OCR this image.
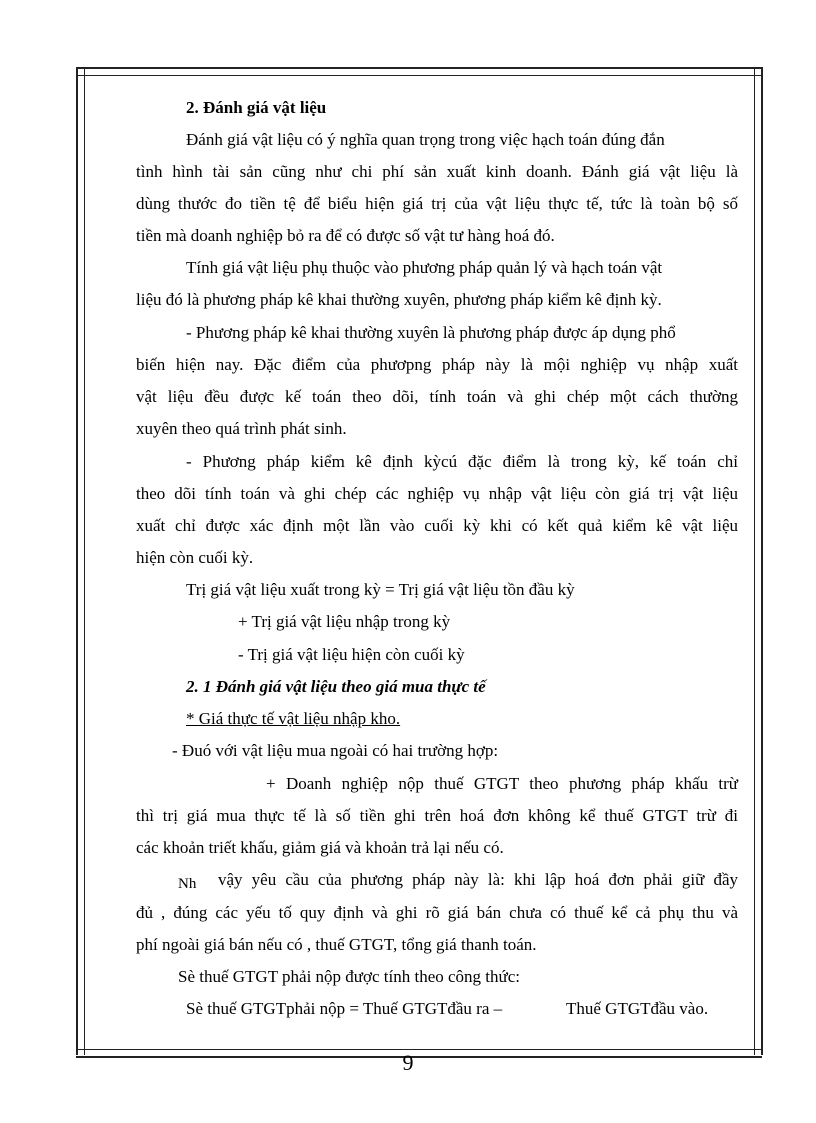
2. Đánh giá vật liệu
Đánh giá vật liệu có ý nghĩa quan trọng trong việc hạch toán đúng đắn
tình hình tài sản cũng như chi phí sản xuất kinh doanh. Đánh giá vật liệu là
dùng thước đo tiền tệ để biểu hiện giá trị của vật liệu thực tế, tức là toàn bộ số
tiền mà doanh nghiệp bỏ ra để có được số vật tư hàng hoá đó.
Tính giá vật liệu phụ thuộc vào phương pháp quản lý và hạch toán vật
liệu đó là phương pháp kê khai thường xuyên, phương pháp kiểm kê định kỳ.
- Phương pháp kê khai thường xuyên là phương pháp được áp dụng phổ
biến hiện nay. Đặc điểm của phươpng pháp này là mội nghiệp vụ nhập xuất
vật liệu đều được kế toán theo dõi, tính toán và ghi chép một cách thường
xuyên theo quá trình phát sinh.
- Phương pháp kiểm kê định kỳcú đặc điểm là trong kỳ, kế toán chỉ
theo dõi tính toán và ghi chép các nghiệp vụ nhập vật liệu còn giá trị vật liệu
xuất chỉ được xác định một lần vào cuối kỳ khi có kết quả kiểm kê vật liệu
hiện còn cuối kỳ.
Trị giá vật liệu xuất trong kỳ = Trị giá vật liệu tồn đầu kỳ
+ Trị giá vật liệu nhập trong kỳ
- Trị giá vật liệu hiện còn cuối kỳ
2. 1 Đánh giá vật liệu theo giá mua thực tế
* Giá thực tế vật liệu nhập kho.
- Đuó với vật liệu mua ngoài có hai trường hợp:
+ Doanh nghiệp nộp thuế GTGT theo phương pháp khấu trừ
thì trị giá mua thực tế là số tiền ghi trên hoá đơn không kể thuế GTGT trừ đi
các khoản triết khấu, giảm giá và khoản trả lại nếu có.
Nh vậy yêu cầu của phương pháp này là: khi lập hoá đơn phải giữ đầy
đủ , đúng các yếu tố quy định và ghi rõ giá bán chưa có thuế kể cả phụ thu và
phí ngoài giá bán nếu có , thuế GTGT, tổng giá thanh toán.
Sè thuế GTGT phải nộp được tính theo công thức:
Sè thuế GTGTphải nộp = Thuế GTGTđầu ra –	Thuế GTGTđầu vào.
9
